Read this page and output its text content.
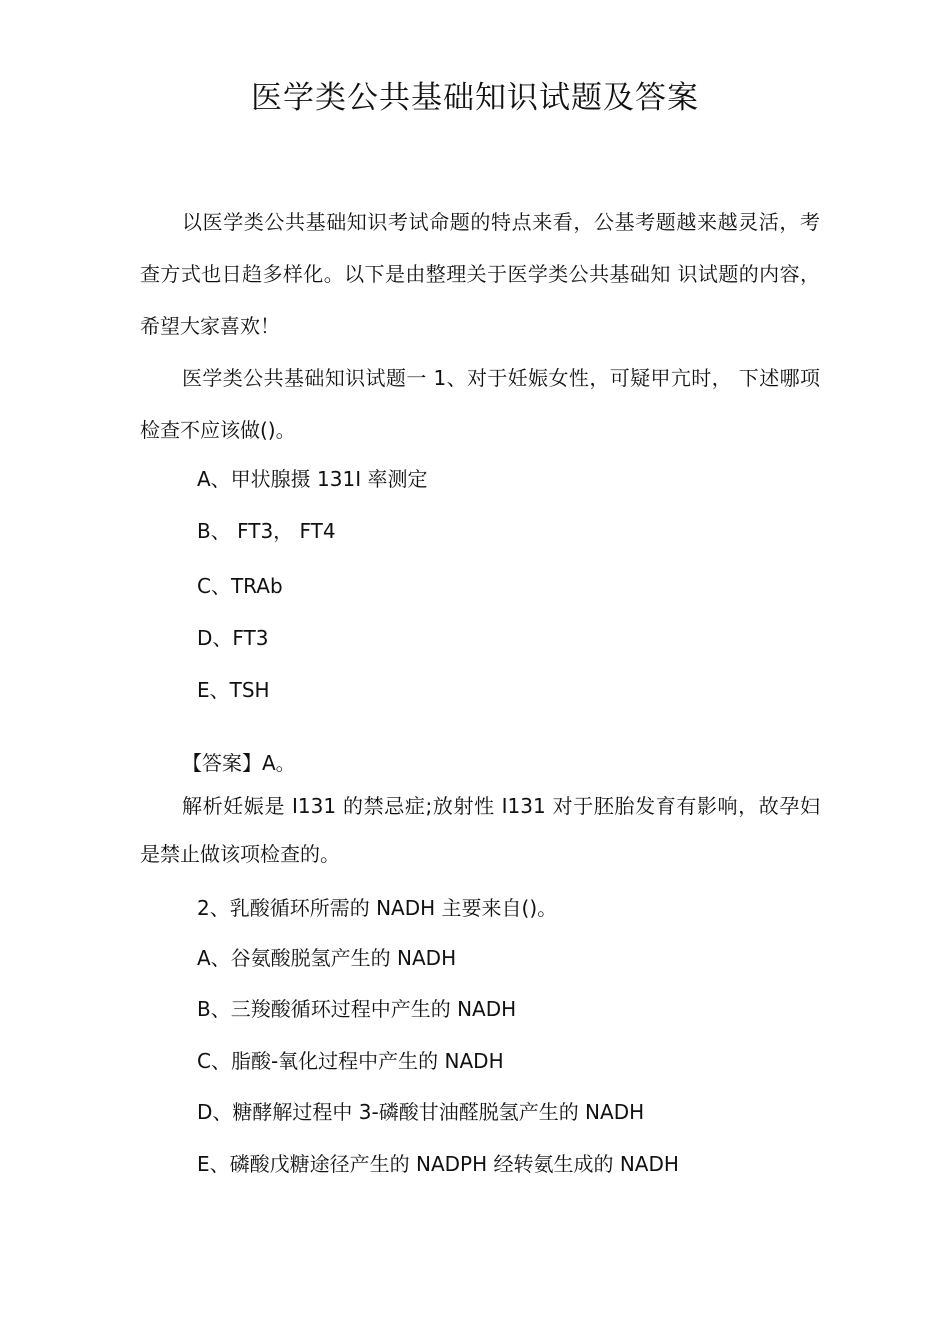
医学类公共基础知识试题及答案
以医学类公共基础知识考试命题的特点来看，公基考题越来越灵活，考查方式也日趋多样化。以下是由整理关于医学类公共基础知 识试题的内容，希望大家喜欢！
医学类公共基础知识试题一 1、对于妊娠女性，可疑甲亢时， 下述哪项检查不应该做()。
A、甲状腺摄 131I 率测定
B、 FT3， FT4
C、TRAb
D、FT3
E、TSH
【答案】A。
解析妊娠是 I131 的禁忌症;放射性 I131 对于胚胎发育有影响，故孕妇是禁止做该项检查的。
2、乳酸循环所需的 NADH 主要来自()。
A、谷氨酸脱氢产生的 NADH
B、三羧酸循环过程中产生的 NADH
C、脂酸-氧化过程中产生的 NADH
D、糖酵解过程中 3-磷酸甘油醛脱氢产生的 NADH
E、磷酸戊糖途径产生的 NADPH 经转氨生成的 NADH
